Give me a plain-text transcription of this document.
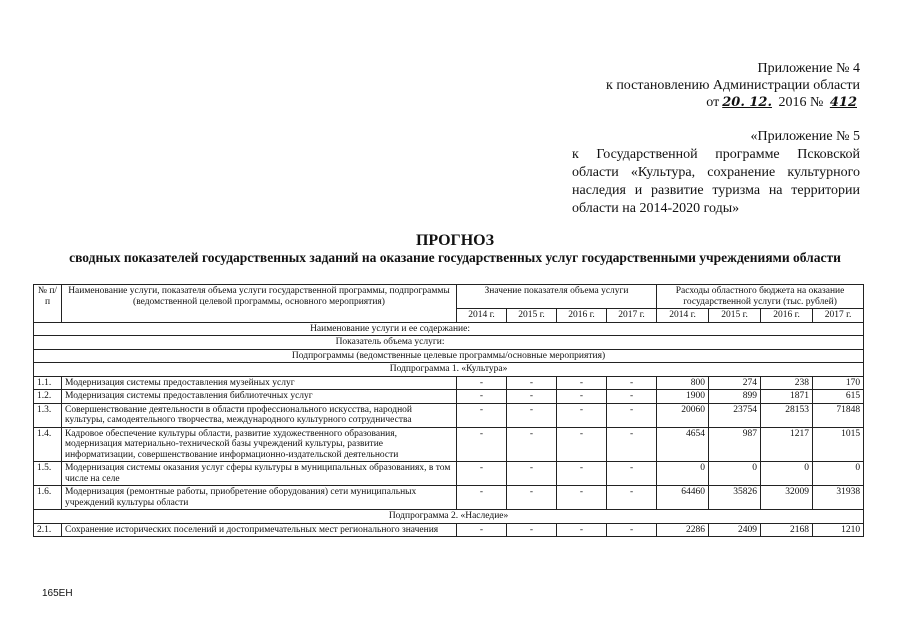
Приложение № 4
к постановлению Администрации области
от 20. 12. 2016 № 412
«Приложение № 5
к Государственной программе Псковской области «Культура, сохранение культурного наследия и развитие туризма на территории области на 2014-2020 годы»
ПРОГНОЗ
сводных показателей государственных заданий на оказание государственных услуг государственными учреждениями области
№ п/п	Наименование услуги, показателя объема услуги государственной программы, подпрограммы (ведомственной целевой программы, основного мероприятия)	Значение показателя объема услуги				Расходы областного бюджета на оказание государственной услуги (тыс. рублей)			
		2014 г.	2015 г.	2016 г.	2017 г.	2014 г.	2015 г.	2016 г.	2017 г.
Наименование услуги и ее содержание:									
Показатель объема услуги:									
Подпрограммы (ведомственные целевые программы/основные мероприятия)									
Подпрограмма 1. «Культура»									
1.1.	Модернизация системы предоставления музейных услуг	-	-	-	-	800	274	238	170
1.2.	Модернизация системы предоставления библиотечных услуг	-	-	-	-	1900	899	1871	615
1.3.	Совершенствование деятельности в области профессионального искусства, народной культуры, самодеятельного творчества, международного культурного сотрудничества	-	-	-	-	20060	23754	28153	71848
1.4.	Кадровое обеспечение культуры области, развитие художественного образования, модернизация материально-технической базы учреждений культуры, развитие информатизации, совершенствование информационно-издательской деятельности	-	-	-	-	4654	987	1217	1015
1.5.	Модернизация системы оказания услуг сферы культуры в муниципальных образованиях, в том числе на селе	-	-	-	-	0	0	0	0
1.6.	Модернизация (ремонтные работы, приобретение оборудования) сети муниципальных учреждений культуры области	-	-	-	-	64460	35826	32009	31938
Подпрограмма 2. «Наследие»									
2.1.	Сохранение исторических поселений и достопримечательных мест регионального значения	-	-	-	-	2286	2409	2168	1210
165ЕН
